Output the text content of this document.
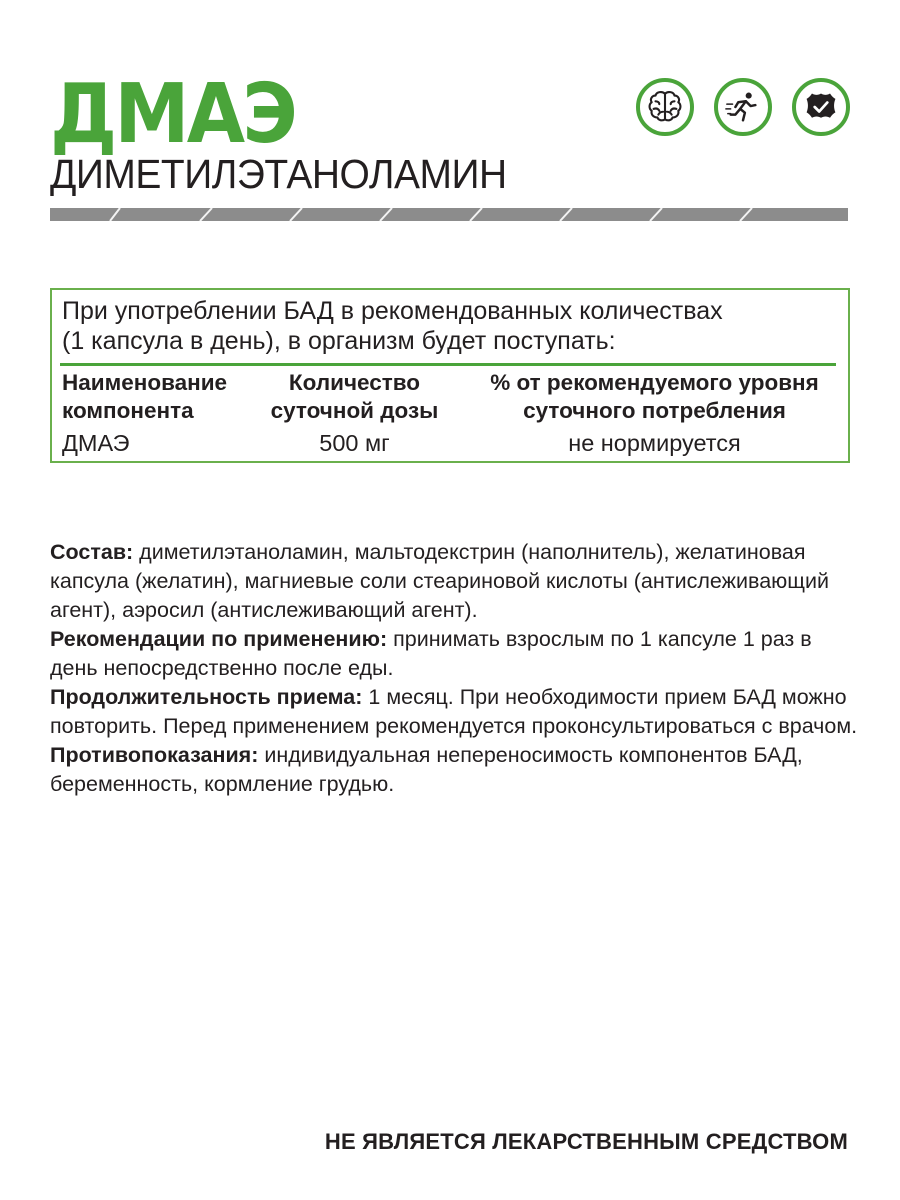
ДМАЭ
ДИМЕТИЛЭТАНОЛАМИН
При употреблении БАД в рекомендованных количествах
(1 капсула в день), в организм будет поступать:
Наименование
компонента
Количество
суточной дозы
% от рекомендуемого уровня
суточного потребления
ДМАЭ	500 мг	не нормируется

Состав: диметилэтаноламин, мальтодекстрин (наполнитель), желатиновая капсула (желатин), магниевые соли стеариновой кислоты (антислеживающий агент), аэросил (антислеживающий агент).

Рекомендации по применению: принимать взрослым по 1 капсуле 1 раз в день непосредственно после еды.

Продолжительность приема: 1 месяц. При необходимости прием БАД можно повторить. Перед применением рекомендуется проконсультироваться с врачом.

Противопоказания: индивидуальная непереносимость компонентов БАД, беременность, кормление грудью.

НЕ ЯВЛЯЕТСЯ ЛЕКАРСТВЕННЫМ СРЕДСТВОМ
